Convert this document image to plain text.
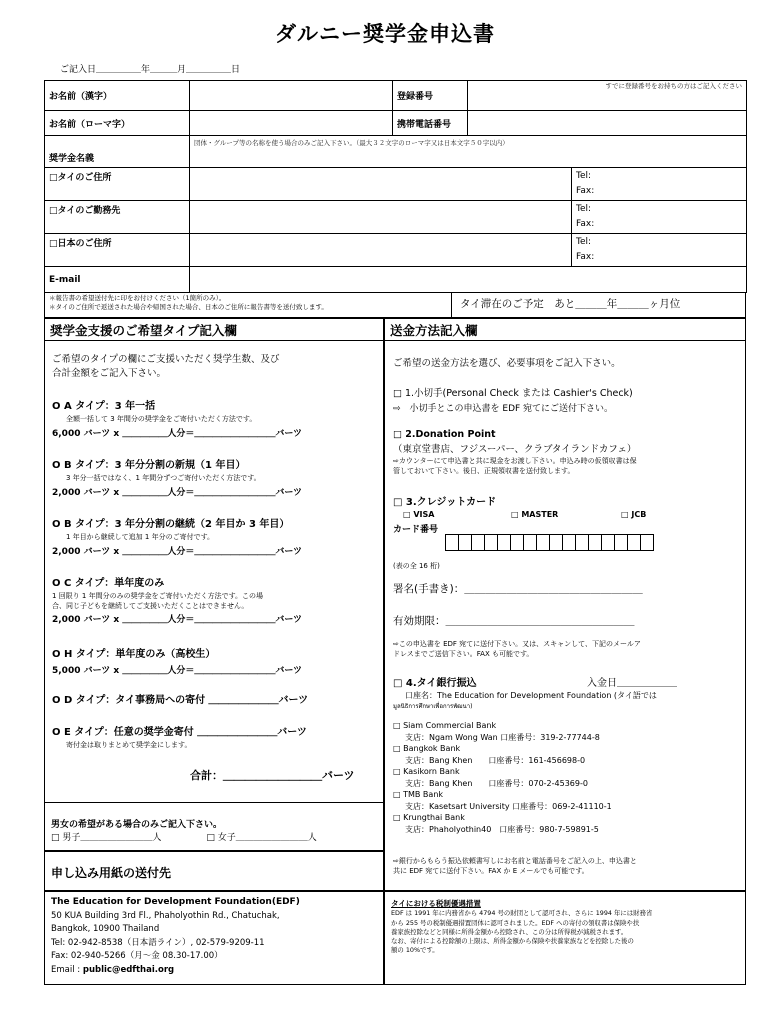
ダルニー奨学金申込書
ご記入日＿＿＿＿＿年＿＿＿月＿＿＿＿＿日
お名前（漢字）		登録番号	すでに登録番号をお持ちの方はご記入ください	
お名前（ローマ字）		携帯電話番号		
奨学金名義	団体・グループ等の名称を使う場合のみご記入下さい。（最大３２文字のローマ字又は日本文字５０字以内）			
□タイのご住所				Tel:
Fax:

□タイのご勤務先				Tel:
Fax:

□日本のご住所				Tel:
Fax:

E-mail				
＊報告書の希望送付先に印をお付けください（1箇所のみ）。
＊タイのご住所で返送された場合や帰国された場合、日本のご住所に報告書等を送付致します。	タイ滞在のご予定　あと＿＿＿年＿＿＿ヶ月位
奨学金支援のご希望タイプ記入欄
ご希望のタイプの欄にご支援いただく奨学生数、及び
合計金額をご記入下さい。
O A タイプ：3 年一括
全額一括して 3 年間分の奨学金をご寄付いただく方法です。
6,000 バーツ x ＿＿＿＿＿人分＝＿＿＿＿＿＿＿＿＿バーツ
O B タイプ：3 年分分割の新規（1 年目）
3 年分一括ではなく、1 年間分ずつご寄付いただく方法です。
2,000 バーツ x ＿＿＿＿＿人分＝＿＿＿＿＿＿＿＿＿バーツ
O B タイプ：3 年分分割の継続（2 年目か 3 年目）
1 年目から継続して追加 1 年分のご寄付です。
2,000 バーツ x ＿＿＿＿＿人分＝＿＿＿＿＿＿＿＿＿バーツ
O C タイプ：単年度のみ
1 回限り 1 年間分のみの奨学金をご寄付いただく方法です。この場
合、同じ子どもを継続してご支援いただくことはできません。
2,000 バーツ x ＿＿＿＿＿人分＝＿＿＿＿＿＿＿＿＿バーツ
O H タイプ：単年度のみ（高校生）
5,000 バーツ x ＿＿＿＿＿人分＝＿＿＿＿＿＿＿＿＿バーツ
O D タイプ：タイ事務局への寄付 ＿＿＿＿＿＿＿バーツ
O E タイプ：任意の奨学金寄付 ＿＿＿＿＿＿＿＿バーツ
寄付金は取りまとめて奨学金にします。
合計：＿＿＿＿＿＿＿＿＿バーツ
男女の希望がある場合のみご記入下さい。
□ 男子＿＿＿＿＿＿＿＿人　　　　　□ 女子＿＿＿＿＿＿＿＿人
申し込み用紙の送付先
The Education for Development Foundation(EDF)
50 KUA Building 3rd Fl., Phaholyothin Rd., Chatuchak,
Bangkok, 10900 Thailand
Tel: 02-942-8538（日本語ライン）, 02-579-9209-11
Fax: 02-940-5266（月～金 08.30-17.00）
Email : public@edfthai.org
送金方法記入欄
ご希望の送金方法を選び、必要事項をご記入下さい。
□ 1.小切手(Personal Check または Cashier's Check)
⇨　小切手とこの申込書を EDF 宛てにご送付下さい。
□ 2.Donation Point
（東京堂書店、フジスーパー、クラブタイランドカフェ）
⇨カウンターにて申込書と共に現金をお渡し下さい。申込み時の仮領収書は保
管しておいて下さい。後日、正規領収書を送付致します。
□ 3.クレジットカード
□ VISA	□ MASTER	□ JCB
カード番号
(表の全 16 桁)
署名(手書き)：＿＿＿＿＿＿＿＿＿＿＿＿＿＿＿＿＿
有効期限：＿＿＿＿＿＿＿＿＿＿＿＿＿＿＿＿＿＿
⇨この申込書を EDF 宛てに送付下さい。又は、スキャンして、下記のメールア
ドレスまでご送信下さい。FAX も可能です。
□ 4.タイ銀行振込	入金日＿＿＿＿＿＿
口座名：The Education for Development Foundation (タイ語では
มูลนิธิการศึกษาเพื่อการพัฒนา)
□ Siam Commercial Bank
支店：Ngam Wong Wan 口座番号：319-2-77744-8
□ Bangkok Bank
支店：Bang Khen　　口座番号：161-456698-0
□ Kasikorn Bank
支店：Bang Khen　　口座番号：070-2-45369-0
□ TMB Bank
支店：Kasetsart University 口座番号：069-2-41110-1
□ Krungthai Bank
支店：Phaholyothin40　口座番号：980-7-59891-5
⇨銀行からもらう振込依頼書写しにお名前と電話番号をご記入の上、申込書と
共に EDF 宛てに送付下さい。FAX か E メールでも可能です。
タイにおける税制優遇措置
EDF は 1991 年に内務省から 4794 号の財団として認可され、さらに 1994 年には財務省
から 255 号の税制優遇措置団体に認可されました。EDF への寄付の領収書は保険や扶
養家族控除などと同様に所得金額から控除され、この分は所得税が減税されます。
なお、寄付による控除額の上限は、所得金額から保険や扶養家族などを控除した後の
額の 10%です。
